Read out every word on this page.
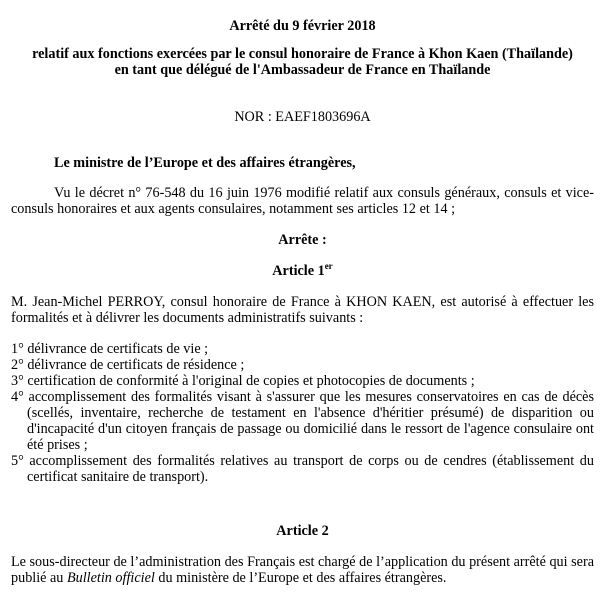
Arrêté du 9 février 2018

relatif aux fonctions exercées par le consul honoraire de France à Khon Kaen (Thaïlande)
en tant que délégué de l'Ambassadeur de France en Thaïlande

NOR : EAEF1803696A

Le ministre de l’Europe et des affaires étrangères,

Vu le décret n° 76-548 du 16 juin 1976 modifié relatif aux consuls généraux, consuls et vice-consuls honoraires et aux agents consulaires, notamment ses articles 12 et 14 ;

Arrête :

Article 1er

M. Jean-Michel PERROY, consul honoraire de France à KHON KAEN, est autorisé à effectuer les formalités et à délivrer les documents administratifs suivants :

1° délivrance de certificats de vie ;
2° délivrance de certificats de résidence ;
3° certification de conformité à l'original de copies et photocopies de documents ;
4° accomplissement des formalités visant à s'assurer que les mesures conservatoires en cas de décès (scellés, inventaire, recherche de testament en l'absence d'héritier présumé) de disparition ou d'incapacité d'un citoyen français de passage ou domicilié dans le ressort de l'agence consulaire ont été prises ;
5° accomplissement des formalités relatives au transport de corps ou de cendres (établissement du certificat sanitaire de transport).

Article 2

Le sous-directeur de l’administration des Français est chargé de l’application du présent arrêté qui sera publié au Bulletin officiel du ministère de l’Europe et des affaires étrangères.
